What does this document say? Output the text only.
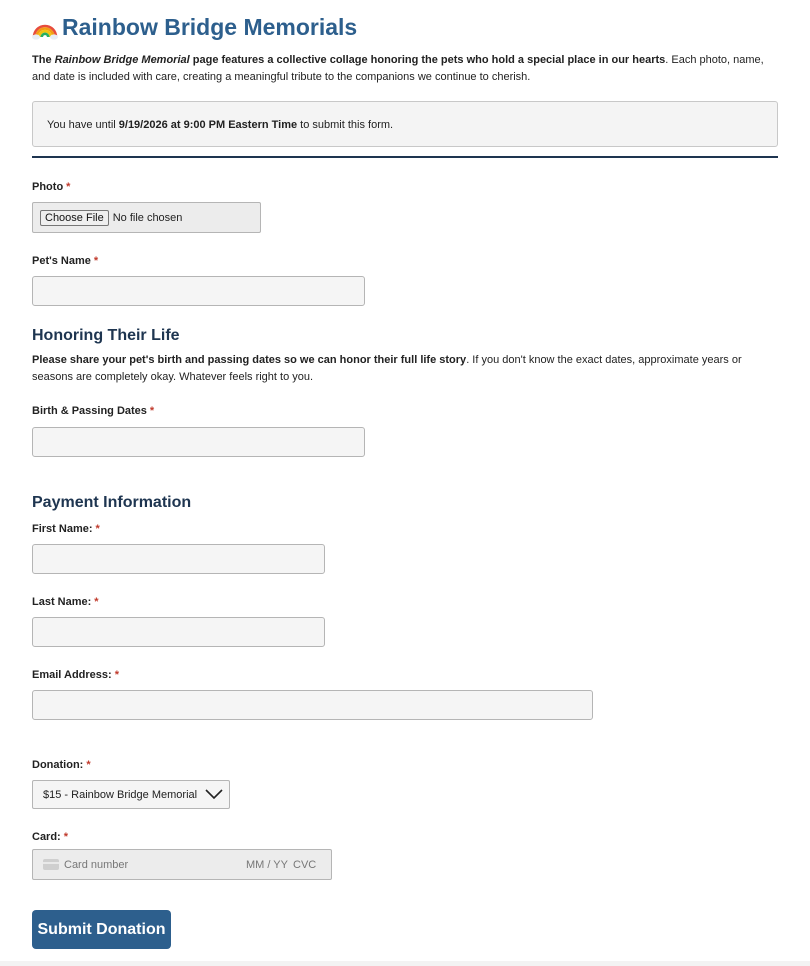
Rainbow Bridge Memorials
The Rainbow Bridge Memorial page features a collective collage honoring the pets who hold a special place in our hearts. Each photo, name, and date is included with care, creating a meaningful tribute to the companions we continue to cherish.
You have until 9/19/2026 at 9:00 PM Eastern Time to submit this form.
Photo *
Choose File No file chosen
Pet's Name *
Honoring Their Life
Please share your pet's birth and passing dates so we can honor their full life story. If you don't know the exact dates, approximate years or seasons are completely okay. Whatever feels right to you.
Birth & Passing Dates *
Payment Information
First Name: *
Last Name: *
Email Address: *
Donation: *
$15 - Rainbow Bridge Memorial
Card: *
Card number	MM / YY CVC
Submit Donation
